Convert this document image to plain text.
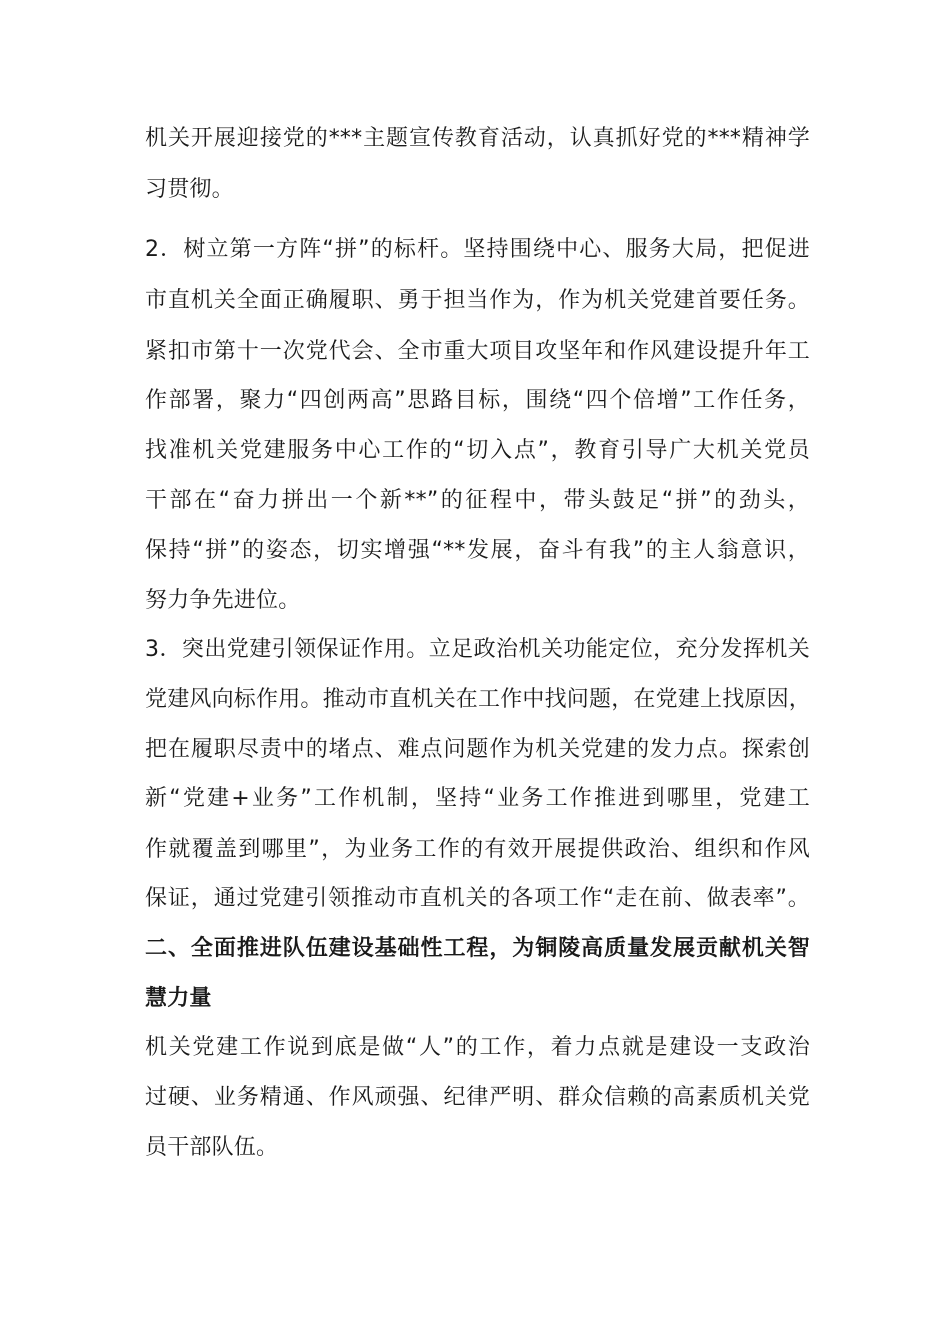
机关开展迎接党的***主题宣传教育活动，认真抓好党的***精神学
习贯彻。
2．树立第一方阵“拼”的标杆。坚持围绕中心、服务大局，把促进
市直机关全面正确履职、勇于担当作为，作为机关党建首要任务。
紧扣市第十一次党代会、全市重大项目攻坚年和作风建设提升年工
作部署，聚力“四创两高”思路目标，围绕“四个倍增”工作任务，
找准机关党建服务中心工作的“切入点”，教育引导广大机关党员
干部在“奋力拼出一个新**”的征程中，带头鼓足“拼”的劲头，
保持“拼”的姿态，切实增强“**发展，奋斗有我”的主人翁意识，
努力争先进位。
3．突出党建引领保证作用。立足政治机关功能定位，充分发挥机关
党建风向标作用。推动市直机关在工作中找问题，在党建上找原因，
把在履职尽责中的堵点、难点问题作为机关党建的发力点。探索创
新“党建+业务”工作机制，坚持“业务工作推进到哪里，党建工
作就覆盖到哪里”，为业务工作的有效开展提供政治、组织和作风
保证，通过党建引领推动市直机关的各项工作“走在前、做表率”。
二、全面推进队伍建设基础性工程，为铜陵高质量发展贡献机关智
慧力量
机关党建工作说到底是做“人”的工作，着力点就是建设一支政治
过硬、业务精通、作风顽强、纪律严明、群众信赖的高素质机关党
员干部队伍。
